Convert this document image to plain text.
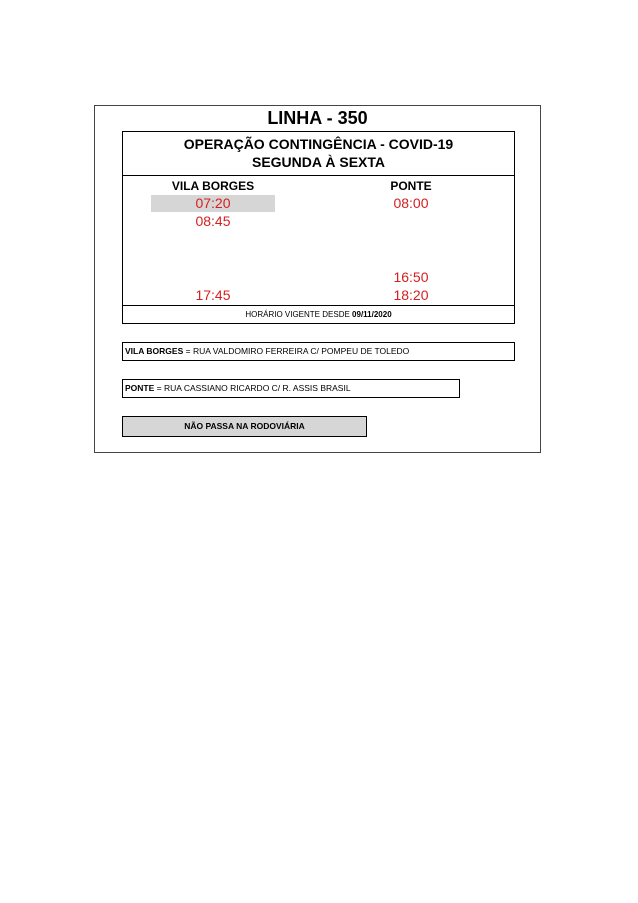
LINHA - 350
OPERAÇÃO CONTINGÊNCIA - COVID-19
SEGUNDA À SEXTA
VILA BORGES	PONTE
07:20
08:45
17:45
08:00
16:50
18:20
HORÁRIO VIGENTE DESDE 09/11/2020
VILA BORGES = RUA VALDOMIRO FERREIRA C/ POMPEU DE TOLEDO
PONTE = RUA CASSIANO RICARDO C/ R. ASSIS BRASIL
NÃO PASSA NA RODOVIÁRIA
